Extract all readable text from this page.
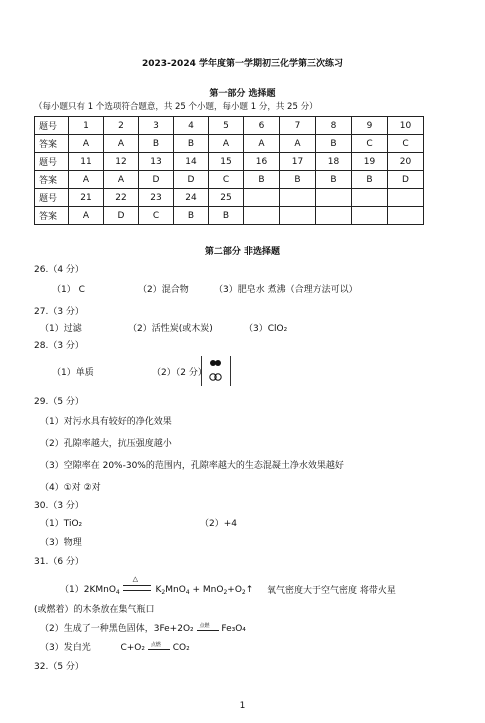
2023-2024 学年度第一学期初三化学第三次练习
第一部分 选择题
（每小题只有 1 个选项符合题意，共 25 个小题，每小题 1 分，共 25 分）
题号	1	2	3	4	5	6	7	8	9	10
答案	A	A	B	B	A	A	A	B	C	C
题号	11	12	13	14	15	16	17	18	19	20
答案	A	A	D	D	C	B	B	B	B	D
题号	21	22	23	24	25					
答案	A	D	C	B	B					
第二部分 非选择题
26.（4 分）
（1） C	（2）混合物	（3）肥皂水 煮沸（合理方法可以）
27.（3 分）
（1）过滤	（2）活性炭(或木炭)	（3）ClO₂
28.（3 分）
（1）单质	（2）（2 分）
29.（5 分）
（1）对污水具有较好的净化效果
（2）孔隙率越大，抗压强度越小
（3）空隙率在 20%-30%的范围内，孔隙率越大的生态混凝土净水效果越好
（4）①对 ②对
30.（3 分）
（1）TiO₂	（2）+4
（3）物理
31.（6 分）
（1）2KMnO$_4$
△
$K_2MnO_4$ + $MnO_2+O_2↑$ 氧气密度大于空气密度 将带火星
(或燃着）的木条放在集气瓶口
（2）生成了一种黑色固体，3Fe+2O₂ 点燃 Fe₃O₄
（3）发白光	C+O₂ 点燃 CO₂
32.（5 分）
1
